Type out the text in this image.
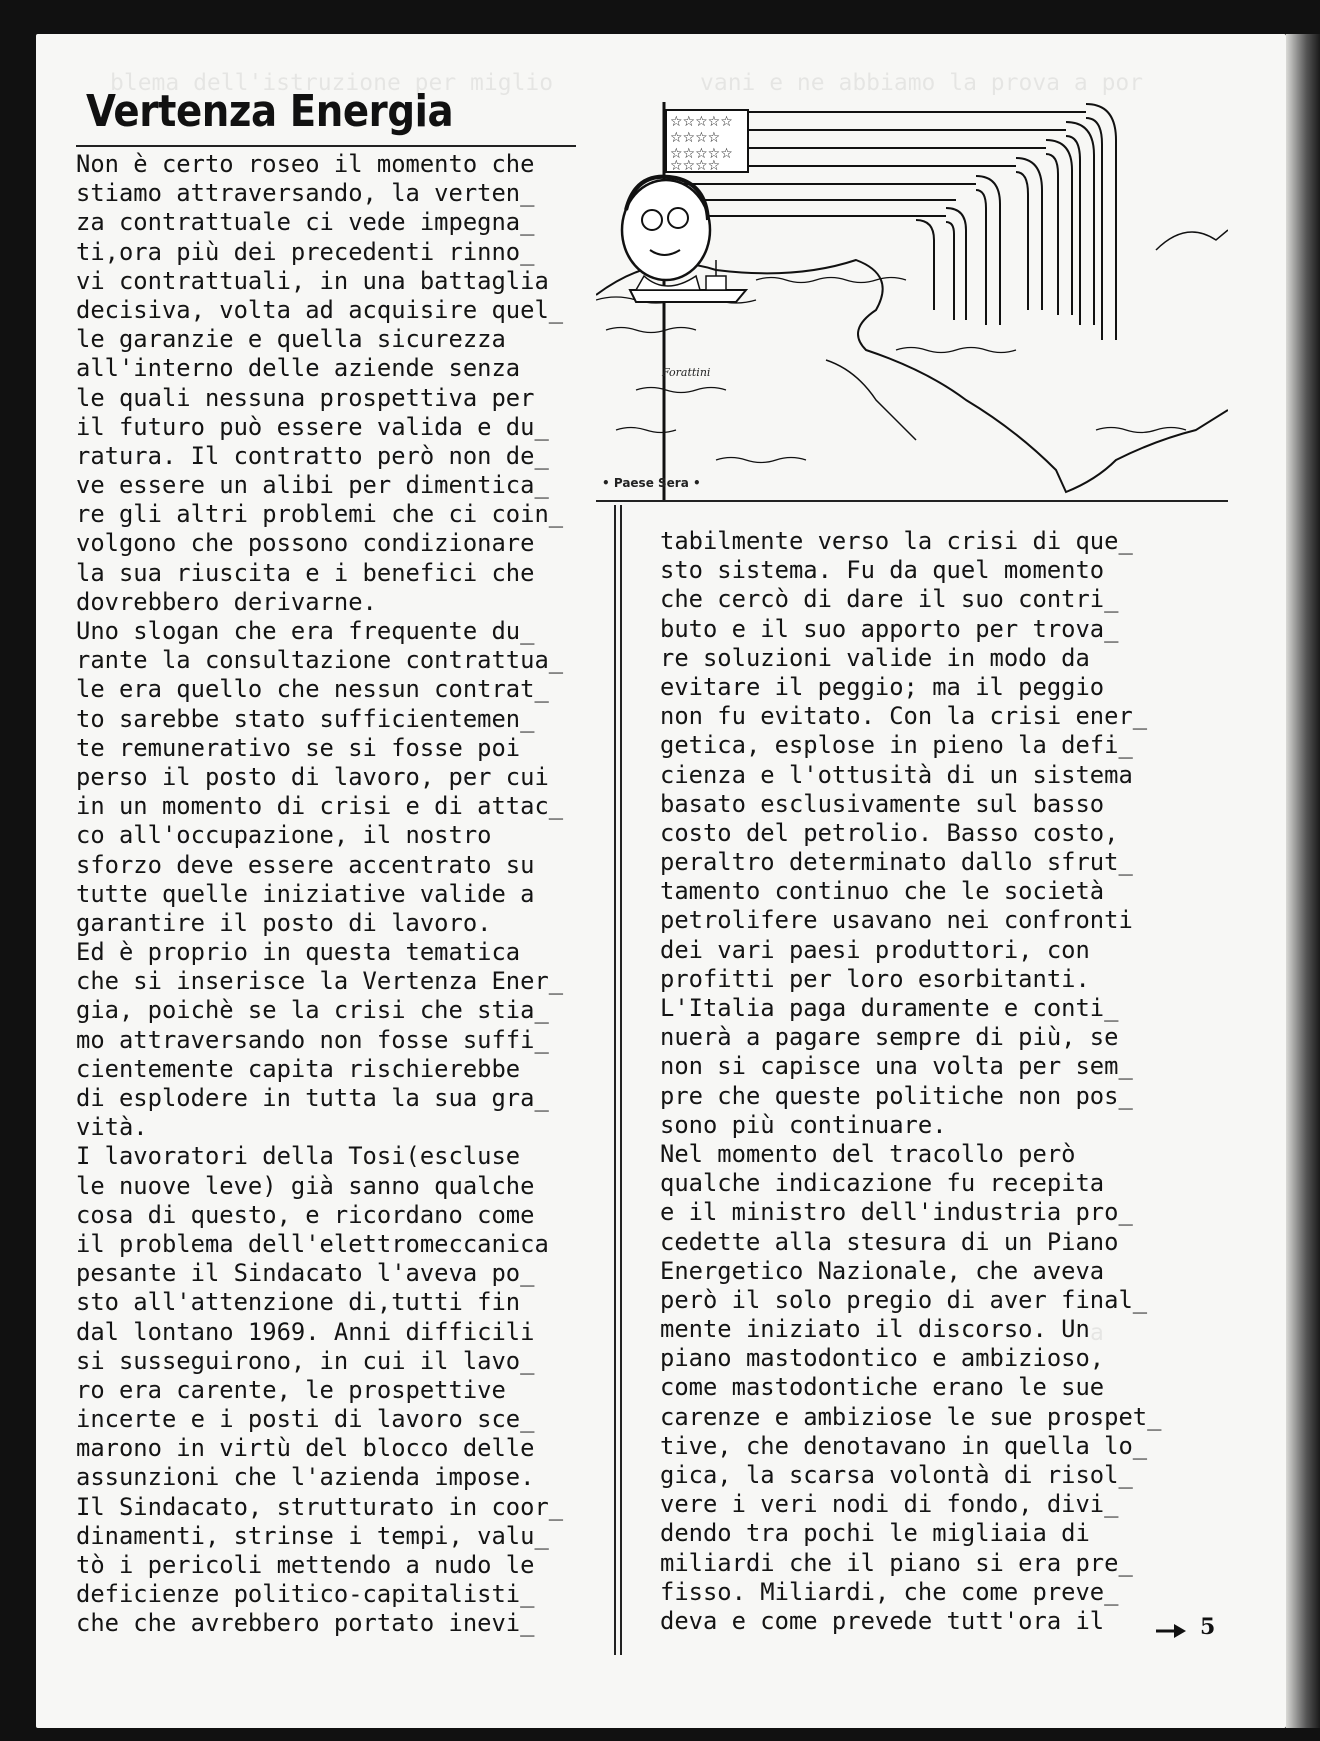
Vertenza Energia
Non è certo roseo il momento che
stiamo attraversando, la verten_
za contrattuale ci vede impegna_
ti,ora più dei precedenti rinno_
vi contrattuali, in una battaglia
decisiva, volta ad acquisire quel_
le garanzie e quella sicurezza
all'interno delle aziende senza
le quali nessuna prospettiva per
il futuro può essere valida e du_
ratura. Il contratto però non de_
ve essere un alibi per dimentica_
re gli altri problemi che ci coin_
volgono che possono condizionare
la sua riuscita e i benefici che
dovrebbero derivarne.
Uno slogan che era frequente du_
rante la consultazione contrattua_
le era quello che nessun contrat_
to sarebbe stato sufficientemen_
te remunerativo se si fosse poi
perso il posto di lavoro, per cui
in un momento di crisi e di attac_
co all'occupazione, il nostro
sforzo deve essere accentrato su
tutte quelle iniziative valide a
garantire il posto di lavoro.
Ed è proprio in questa tematica
che si inserisce la Vertenza Ener_
gia, poichè se la crisi che stia_
mo attraversando non fosse suffi_
cientemente capita rischierebbe
di esplodere in tutta la sua gra_
vità.
I lavoratori della Tosi(escluse
le nuove leve) già sanno qualche
cosa di questo, e ricordano come
il problema dell'elettromeccanica
pesante il Sindacato l'aveva po_
sto all'attenzione di,tutti fin
dal lontano 1969. Anni difficili
si susseguirono, in cui il lavo_
ro era carente, le prospettive
incerte e i posti di lavoro sce_
marono in virtù del blocco delle
assunzioni che l'azienda impose.
Il Sindacato, strutturato in coor_
dinamenti, strinse i tempi, valu_
tò i pericoli mettendo a nudo le
deficienze politico-capitalisti_
che che avrebbero portato inevi_
☆☆☆☆☆
☆☆☆☆
☆☆☆☆☆
☆☆☆☆
Forattini
• Paese Sera •
tabilmente verso la crisi di que_
sto sistema. Fu da quel momento
che cercò di dare il suo contri_
buto e il suo apporto per trova_
re soluzioni valide in modo da
evitare il peggio; ma il peggio
non fu evitato. Con la crisi ener_
getica, esplose in pieno la defi_
cienza e l'ottusità di un sistema
basato esclusivamente sul basso
costo del petrolio. Basso costo,
peraltro determinato dallo sfrut_
tamento continuo che le società
petrolifere usavano nei confronti
dei vari paesi produttori, con
profitti per loro esorbitanti.
L'Italia paga duramente e conti_
nuerà a pagare sempre di più, se
non si capisce una volta per sem_
pre che queste politiche non pos_
sono più continuare.
Nel momento del tracollo però
qualche indicazione fu recepita
e il ministro dell'industria pro_
cedette alla stesura di un Piano
Energetico Nazionale, che aveva
però il solo pregio di aver final_
mente iniziato il discorso. Un
piano mastodontico e ambizioso,
come mastodontiche erano le sue
carenze e ambiziose le sue prospet_
tive, che denotavano in quella lo_
gica, la scarsa volontà di risol_
vere i veri nodi di fondo, divi_
dendo tra pochi le migliaia di
miliardi che il piano si era pre_
fisso. Miliardi, che come preve_
deva e come prevede tutt'ora il	5
